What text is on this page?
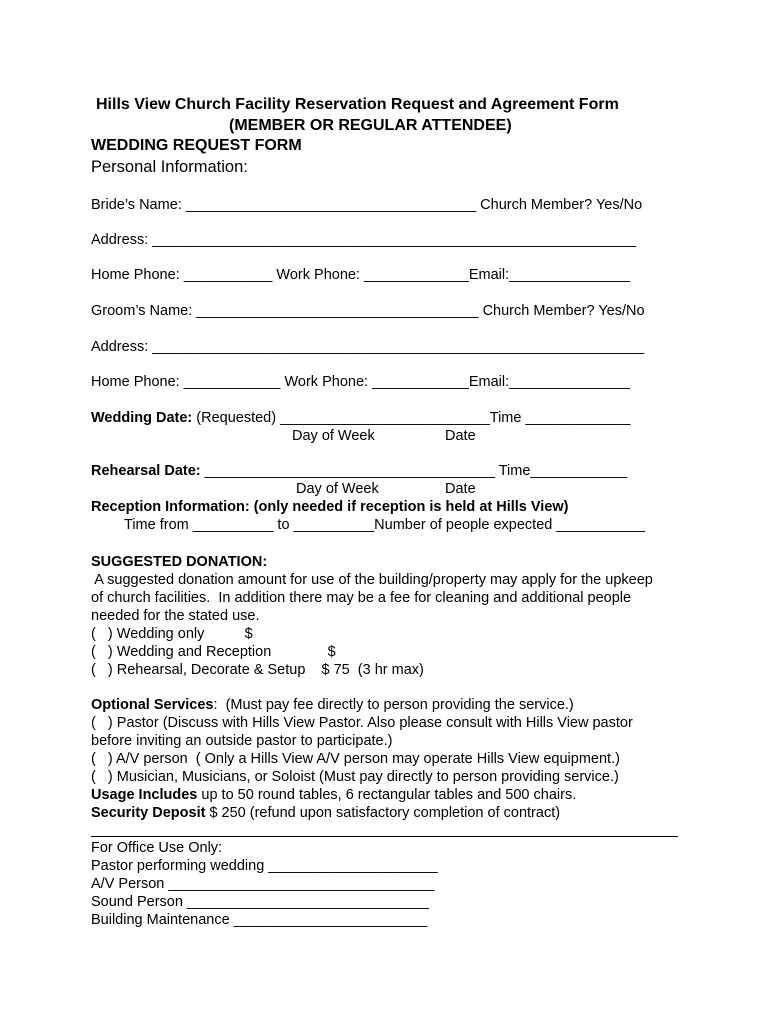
Hills View Church Facility Reservation Request and Agreement Form
(MEMBER OR REGULAR ATTENDEE)
WEDDING REQUEST FORM
Personal Information:
Bride’s Name: ____________________________________ Church Member? Yes/No
Address: ____________________________________________________________
Home Phone: ___________ Work Phone: _____________Email:_______________
Groom’s Name: ___________________________________ Church Member? Yes/No
Address: _____________________________________________________________
Home Phone: ____________ Work Phone: ____________Email:_______________
Wedding Date: (Requested) __________________________Time _____________
Day of Week	Date
Rehearsal Date: ____________________________________ Time____________
Day of Week	Date
Reception Information: (only needed if reception is held at Hills View)
Time from __________ to __________Number of people expected ___________
SUGGESTED DONATION:
A suggested donation amount for use of the building/property may apply for the upkeep
of church facilities.  In addition there may be a fee for cleaning and additional people
needed for the stated use.
(   ) Wedding only          $
(   ) Wedding and Reception              $
(   ) Rehearsal, Decorate & Setup    $ 75  (3 hr max)
Optional Services:  (Must pay fee directly to person providing the service.)
(   ) Pastor (Discuss with Hills View Pastor. Also please consult with Hills View pastor
before inviting an outside pastor to participate.)
(   ) A/V person  ( Only a Hills View A/V person may operate Hills View equipment.)
(   ) Musician, Musicians, or Soloist (Must pay directly to person providing service.)
Usage Includes up to 50 round tables, 6 rectangular tables and 500 chairs.
Security Deposit $ 250 (refund upon satisfactory completion of contract)
For Office Use Only:
Pastor performing wedding _____________________
A/V Person _________________________________
Sound Person ______________________________
Building Maintenance ________________________
